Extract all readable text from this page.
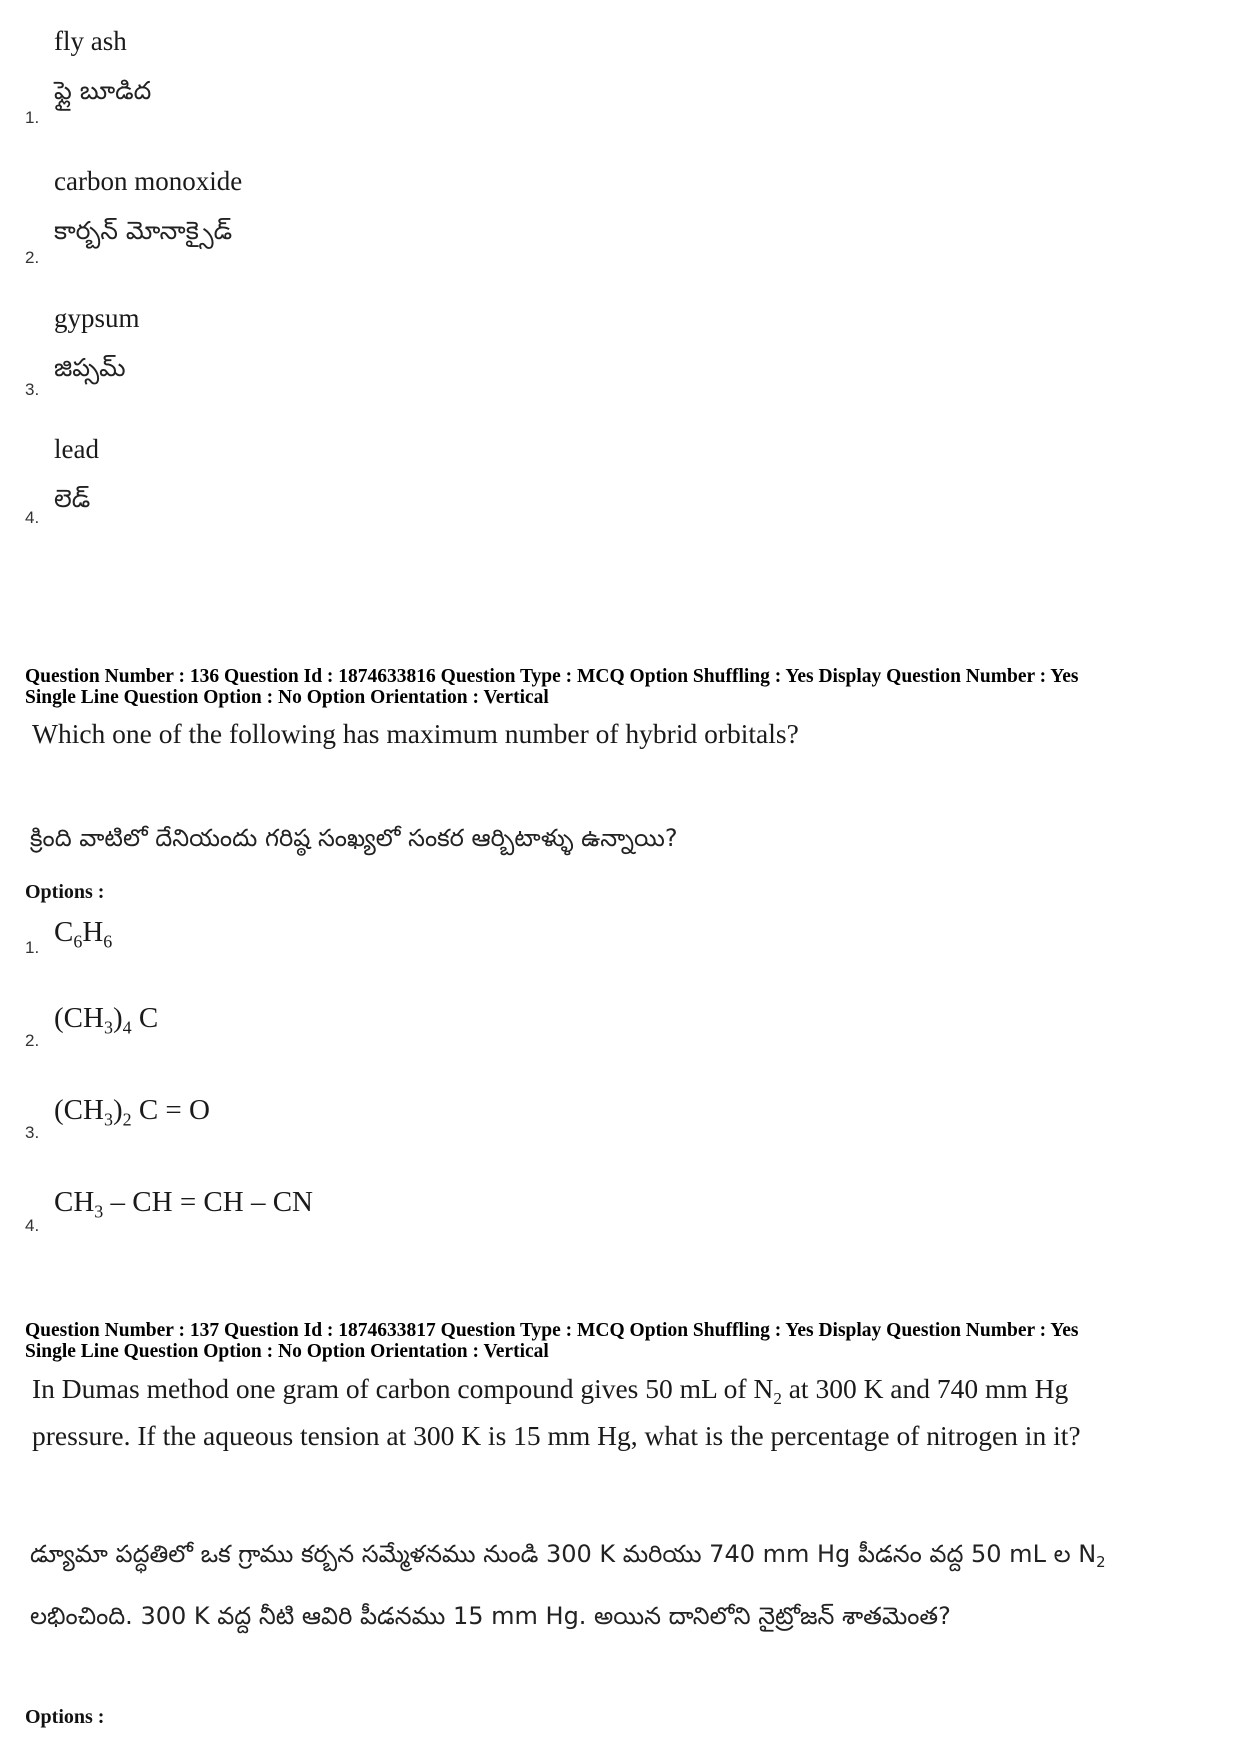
fly ash
ఫ్లై బూడిద
1.
carbon monoxide
కార్బన్ మోనాక్సైడ్
2.
gypsum
జిప్సమ్
3.
lead
లెడ్
4.
Question Number : 136 Question Id : 1874633816 Question Type : MCQ Option Shuffling : Yes Display Question Number : Yes
Single Line Question Option : No Option Orientation : Vertical
Which one of the following has maximum number of hybrid orbitals?
క్రింది వాటిలో దేనియందు గరిష్ఠ సంఖ్యలో సంకర ఆర్బిటాళ్ళు ఉన్నాయి?
Options :
$C_6H_6$
1.
$(CH_3)_4$ C
2.
$(CH_3)_2$ C = O
3.
$CH_3$ – CH = CH – CN
4.
Question Number : 137 Question Id : 1874633817 Question Type : MCQ Option Shuffling : Yes Display Question Number : Yes
Single Line Question Option : No Option Orientation : Vertical
In Dumas method one gram of carbon compound gives 50 mL of $N_2$ at 300 K and 740 mm Hg pressure. If the aqueous tension at 300 K is 15 mm Hg, what is the percentage of nitrogen in it?
డ్యూమా పద్ధతిలో ఒక గ్రాము కర్బన సమ్మేళనము నుండి 300 K మరియు 740 mm Hg పీడనం వద్ద 50 mL ల $N_2$ లభించింది. 300 K వద్ద నీటి ఆవిరి పీడనము 15 mm Hg. అయిన దానిలోని నైట్రోజన్ శాతమెంత?
Options :
